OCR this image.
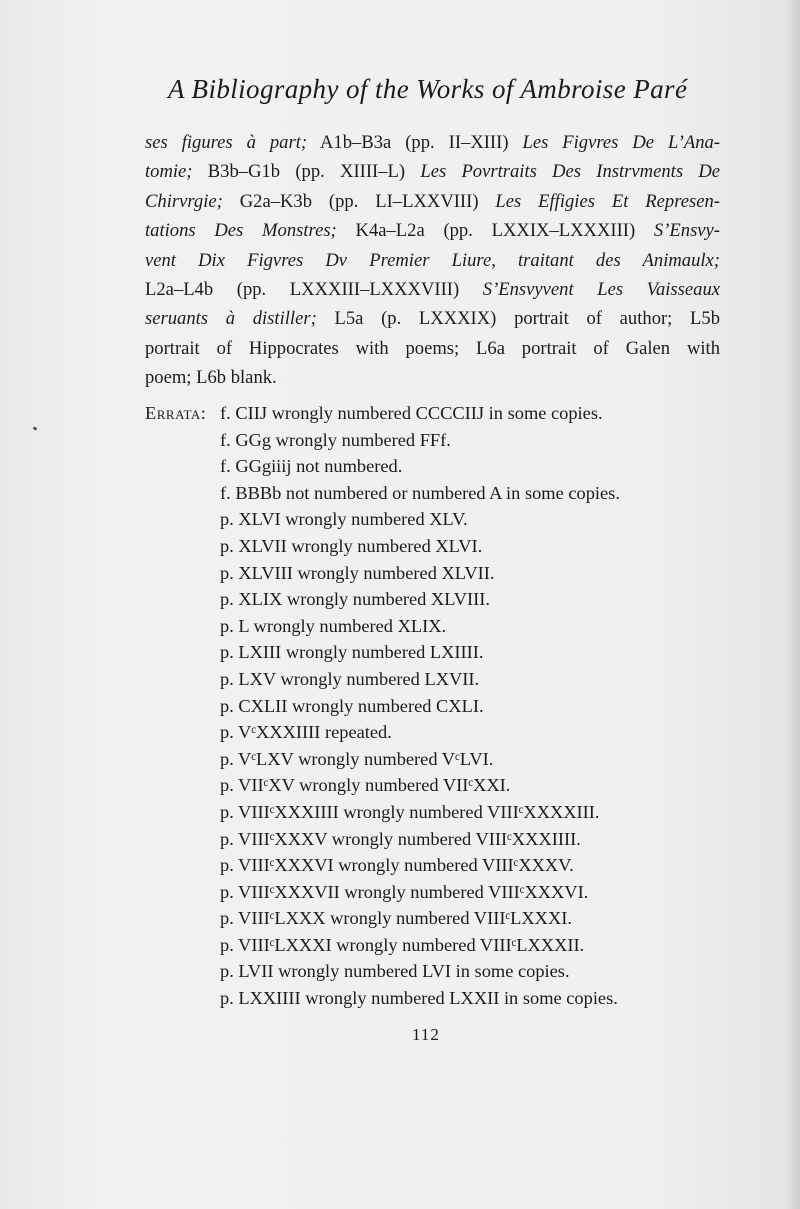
A Bibliography of the Works of Ambroise Paré
ses figures à part; A1b–B3a (pp. II–XIII) Les Figvres De L’Ana-
tomie; B3b–G1b (pp. XIIII–L) Les Povrtraits Des Instrvments De
Chirvrgie; G2a–K3b (pp. LI–LXXVIII) Les Effigies Et Represen-
tations Des Monstres; K4a–L2a (pp. LXXIX–LXXXIII) S’Ensvy-
vent Dix Figvres Dv Premier Liure, traitant des Animaulx;
L2a–L4b (pp. LXXXIII–LXXXVIII) S’Ensvyvent Les Vaisseaux
seruants à distiller; L5a (p. LXXXIX) portrait of author; L5b
portrait of Hippocrates with poems; L6a portrait of Galen with
poem; L6b blank.
Errata: f. CIIJ wrongly numbered CCCCIIJ in some copies.
f. GGg wrongly numbered FFf.
f. GGgiiij not numbered.
f. BBBb not numbered or numbered A in some copies.
p. XLVI wrongly numbered XLV.
p. XLVII wrongly numbered XLVI.
p. XLVIII wrongly numbered XLVII.
p. XLIX wrongly numbered XLVIII.
p. L wrongly numbered XLIX.
p. LXIII wrongly numbered LXIIII.
p. LXV wrongly numbered LXVII.
p. CXLII wrongly numbered CXLI.
p. VᶜXXXIIII repeated.
p. VᶜLXV wrongly numbered VᶜLVI.
p. VIIᶜXV wrongly numbered VIIᶜXXI.
p. VIIIᶜXXXIIII wrongly numbered VIIIᶜXXXXIII.
p. VIIIᶜXXXV wrongly numbered VIIIᶜXXXIIII.
p. VIIIᶜXXXVI wrongly numbered VIIIᶜXXXV.
p. VIIIᶜXXXVII wrongly numbered VIIIᶜXXXVI.
p. VIIIᶜLXXX wrongly numbered VIIIᶜLXXXI.
p. VIIIᶜLXXXI wrongly numbered VIIIᶜLXXXII.
p. LVII wrongly numbered LVI in some copies.
p. LXXIIII wrongly numbered LXXII in some copies.
112
